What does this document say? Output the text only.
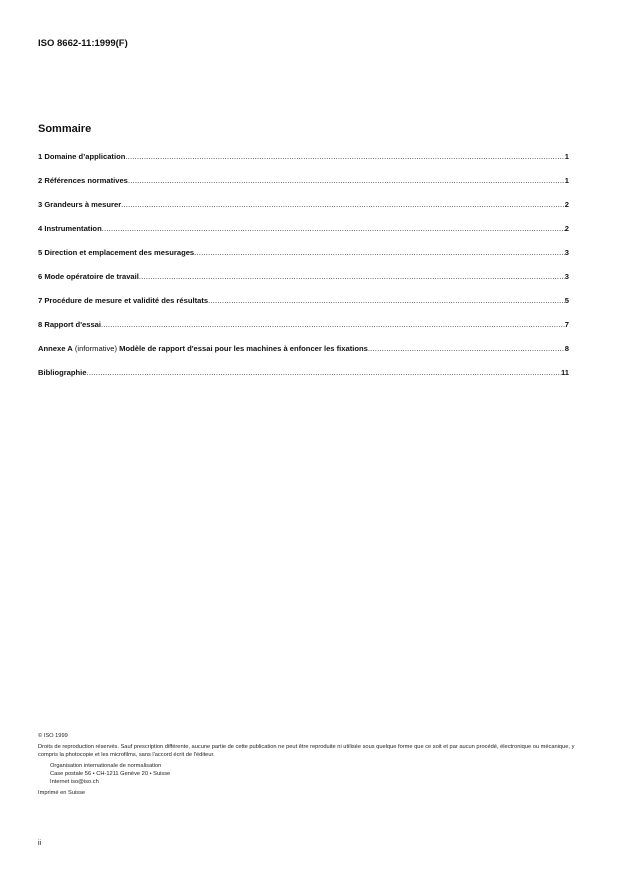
ISO 8662-11:1999(F)
Sommaire
1 Domaine d’application .....	1
2 Références normatives .....	1
3 Grandeurs à mesurer .....	2
4 Instrumentation .....	2
5 Direction et emplacement des mesurages .....	3
6 Mode opératoire de travail .....	3
7 Procédure de mesure et validité des résultats .....	5
8 Rapport d'essai .....	7
Annexe A (informative) Modèle de rapport d'essai pour les machines à enfoncer les fixations .....	8
Bibliographie .....	11
© ISO 1999
Droits de reproduction réservés. Sauf prescription différente, aucune partie de cette publication ne peut être reproduite ni utilisée sous quelque forme que ce soit et par aucun procédé, électronique ou mécanique, y compris la photocopie et les microfilms, sans l'accord écrit de l'éditeur.
Organisation internationale de normalisation
Case postale 56 • CH-1211 Genève 20 • Suisse
Internet iso@iso.ch
Imprimé en Suisse
ii
